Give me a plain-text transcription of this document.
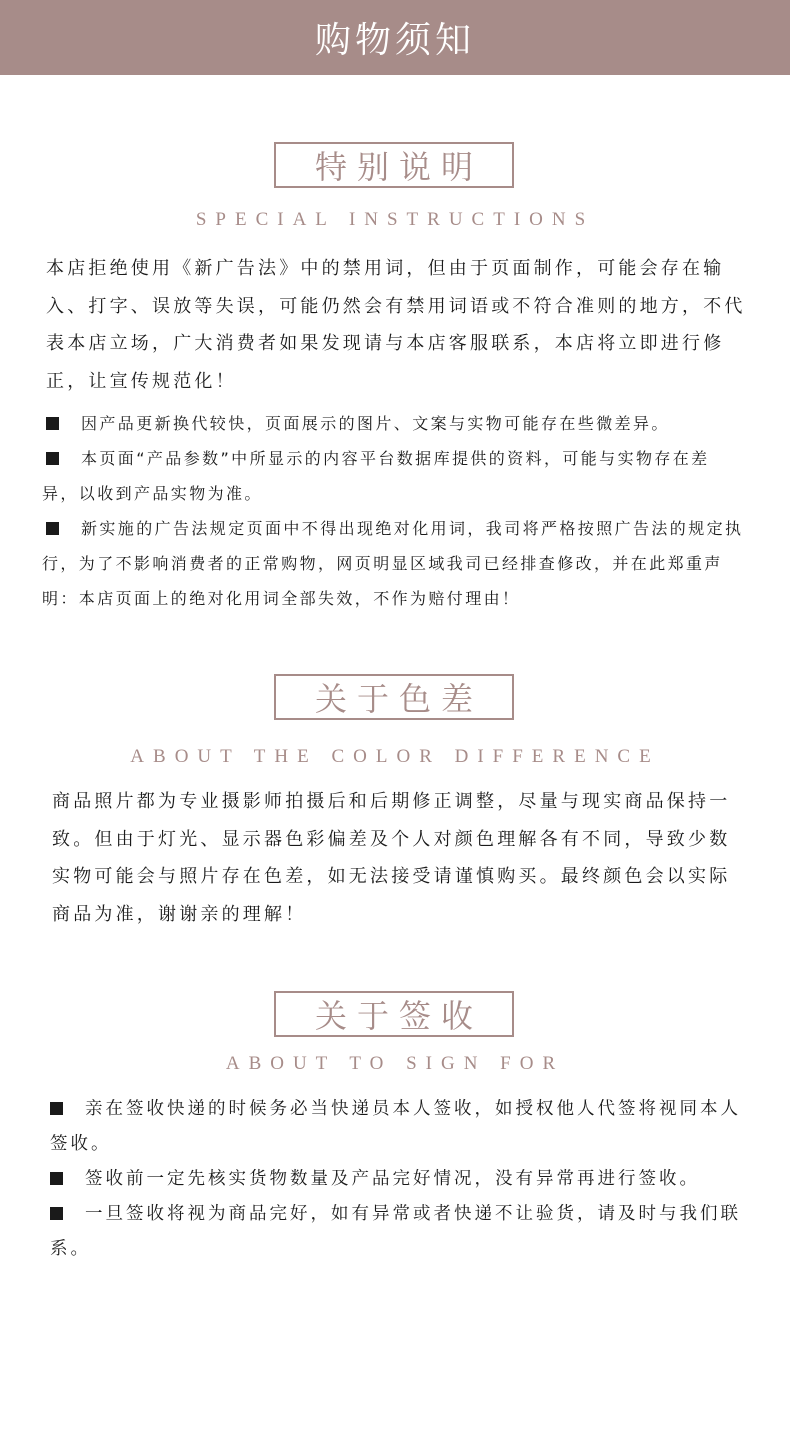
购物须知
特别说明
SPECIAL INSTRUCTIONS

本店拒绝使用《新广告法》中的禁用词，但由于页面制作，可能会存在输入、打字、误放等失误，可能仍然会有禁用词语或不符合准则的地方，不代表本店立场，广大消费者如果发现请与本店客服联系，本店将立即进行修正，让宣传规范化！

因产品更新换代较快，页面展示的图片、文案与实物可能存在些微差异。

本页面“产品参数”中所显示的内容平台数据库提供的资料，可能与实物存在差异，以收到产品实物为准。

新实施的广告法规定页面中不得出现绝对化用词，我司将严格按照广告法的规定执行，为了不影响消费者的正常购物，网页明显区域我司已经排查修改，并在此郑重声明：本店页面上的绝对化用词全部失效，不作为赔付理由！

关于色差
ABOUT THE COLOR DIFFERENCE

商品照片都为专业摄影师拍摄后和后期修正调整，尽量与现实商品保持一致。但由于灯光、显示器色彩偏差及个人对颜色理解各有不同，导致少数实物可能会与照片存在色差，如无法接受请谨慎购买。最终颜色会以实际商品为准，谢谢亲的理解！

关于签收
ABOUT TO SIGN FOR

亲在签收快递的时候务必当快递员本人签收，如授权他人代签将视同本人签收。

签收前一定先核实货物数量及产品完好情况，没有异常再进行签收。

一旦签收将视为商品完好，如有异常或者快递不让验货，请及时与我们联系。
